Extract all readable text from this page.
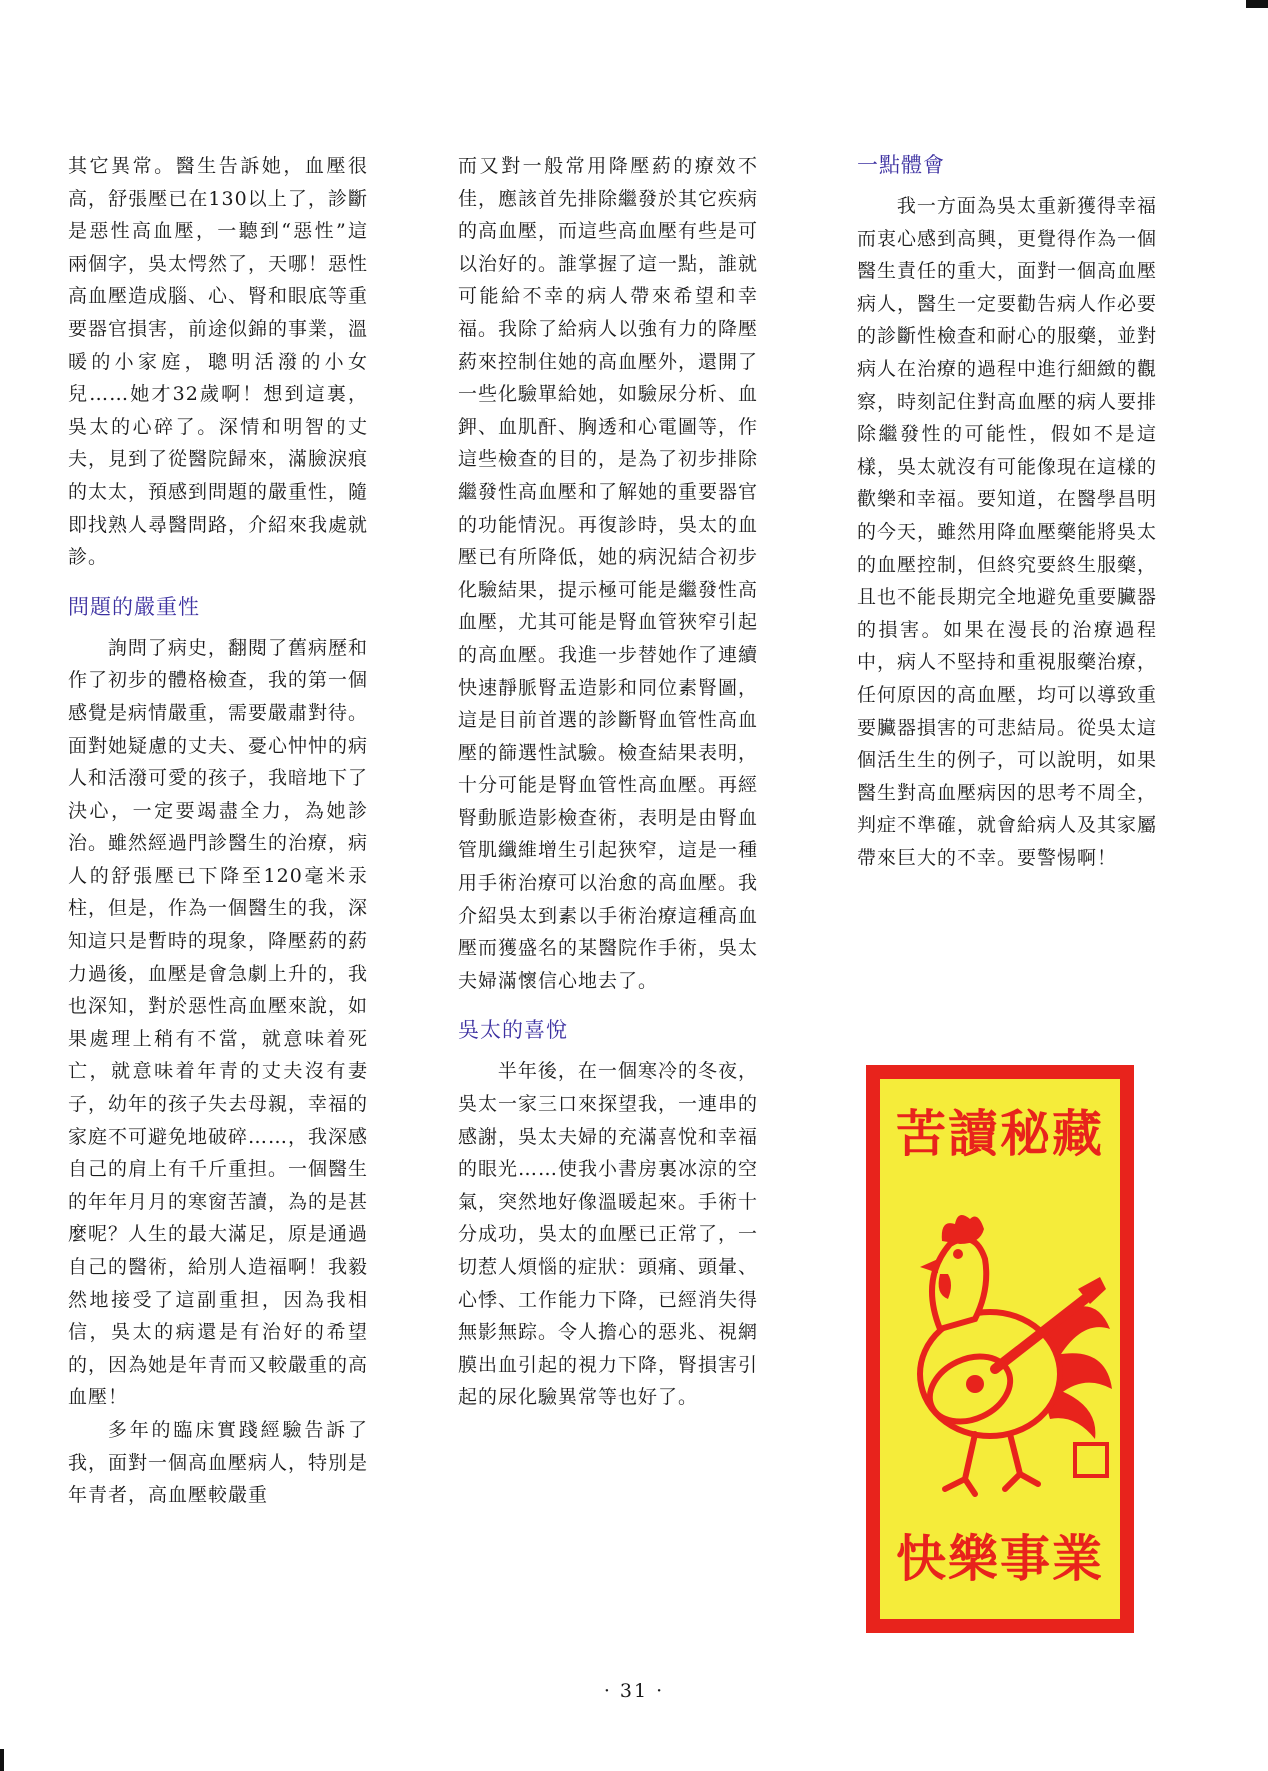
其它異常。醫生告訴她，血壓很高，舒張壓已在130以上了，診斷是惡性高血壓，一聽到“惡性”這兩個字，吳太愕然了，天哪！惡性高血壓造成腦、心、腎和眼底等重要器官損害，前途似錦的事業，溫暖的小家庭，聰明活潑的小女兒……她才32歲啊！想到這裏，吳太的心碎了。深情和明智的丈夫，見到了從醫院歸來，滿臉淚痕的太太，預感到問題的嚴重性，隨即找熟人尋醫問路，介紹來我處就診。

問題的嚴重性

詢問了病史，翻閱了舊病歷和作了初步的體格檢查，我的第一個感覺是病情嚴重，需要嚴肅對待。面對她疑慮的丈夫、憂心忡忡的病人和活潑可愛的孩子，我暗地下了決心，一定要竭盡全力，為她診治。雖然經過門診醫生的治療，病人的舒張壓已下降至120毫米汞柱，但是，作為一個醫生的我，深知這只是暫時的現象，降壓葯的葯力過後，血壓是會急劇上升的，我也深知，對於惡性高血壓來說，如果處理上稍有不當，就意味着死亡，就意味着年青的丈夫沒有妻子，幼年的孩子失去母親，幸福的家庭不可避免地破碎……，我深感自己的肩上有千斤重担。一個醫生的年年月月的寒窗苦讀，為的是甚麼呢？人生的最大滿足，原是通過自己的醫術，給別人造福啊！我毅然地接受了這副重担，因為我相信，吳太的病還是有治好的希望的，因為她是年青而又較嚴重的高血壓！

多年的臨床實踐經驗告訴了我，面對一個高血壓病人，特別是年青者，高血壓較嚴重

而又對一般常用降壓葯的療效不佳，應該首先排除繼發於其它疾病的高血壓，而這些高血壓有些是可以治好的。誰掌握了這一點，誰就可能給不幸的病人帶來希望和幸福。我除了給病人以強有力的降壓葯來控制住她的高血壓外，還開了一些化驗單給她，如驗尿分析、血鉀、血肌酐、胸透和心電圖等，作這些檢查的目的，是為了初步排除繼發性高血壓和了解她的重要器官的功能情況。再復診時，吳太的血壓已有所降低，她的病況結合初步化驗結果，提示極可能是繼發性高血壓，尤其可能是腎血管狹窄引起的高血壓。我進一步替她作了連續快速靜脈腎盂造影和同位素腎圖，這是目前首選的診斷腎血管性高血壓的篩選性試驗。檢查結果表明，十分可能是腎血管性高血壓。再經腎動脈造影檢查術，表明是由腎血管肌纖維增生引起狹窄，這是一種用手術治療可以治愈的高血壓。我介紹吳太到素以手術治療這種高血壓而獲盛名的某醫院作手術，吳太夫婦滿懷信心地去了。

吳太的喜悅

半年後，在一個寒冷的冬夜，吳太一家三口來探望我，一連串的感謝，吳太夫婦的充滿喜悅和幸福的眼光……使我小書房裏冰涼的空氣，突然地好像溫暖起來。手術十分成功，吳太的血壓已正常了，一切惹人煩惱的症狀：頭痛、頭暈、心悸、工作能力下降，已經消失得無影無踪。令人擔心的惡兆、視網膜出血引起的視力下降，腎損害引起的尿化驗異常等也好了。

一點體會

我一方面為吳太重新獲得幸福而衷心感到高興，更覺得作為一個醫生責任的重大，面對一個高血壓病人，醫生一定要勸告病人作必要的診斷性檢查和耐心的服藥，並對病人在治療的過程中進行細緻的觀察，時刻記住對高血壓的病人要排除繼發性的可能性，假如不是這樣，吳太就沒有可能像現在這樣的歡樂和幸福。要知道，在醫學昌明的今天，雖然用降血壓藥能將吳太的血壓控制，但終究要終生服藥，且也不能長期完全地避免重要臟器的損害。如果在漫長的治療過程中，病人不堅持和重視服藥治療，任何原因的高血壓，均可以導致重要臟器損害的可悲結局。從吳太這個活生生的例子，可以說明，如果醫生對高血壓病因的思考不周全，判症不準確，就會給病人及其家屬帶來巨大的不幸。要警惕啊！

苦讀秘藏
快樂事業
· 31 ·
